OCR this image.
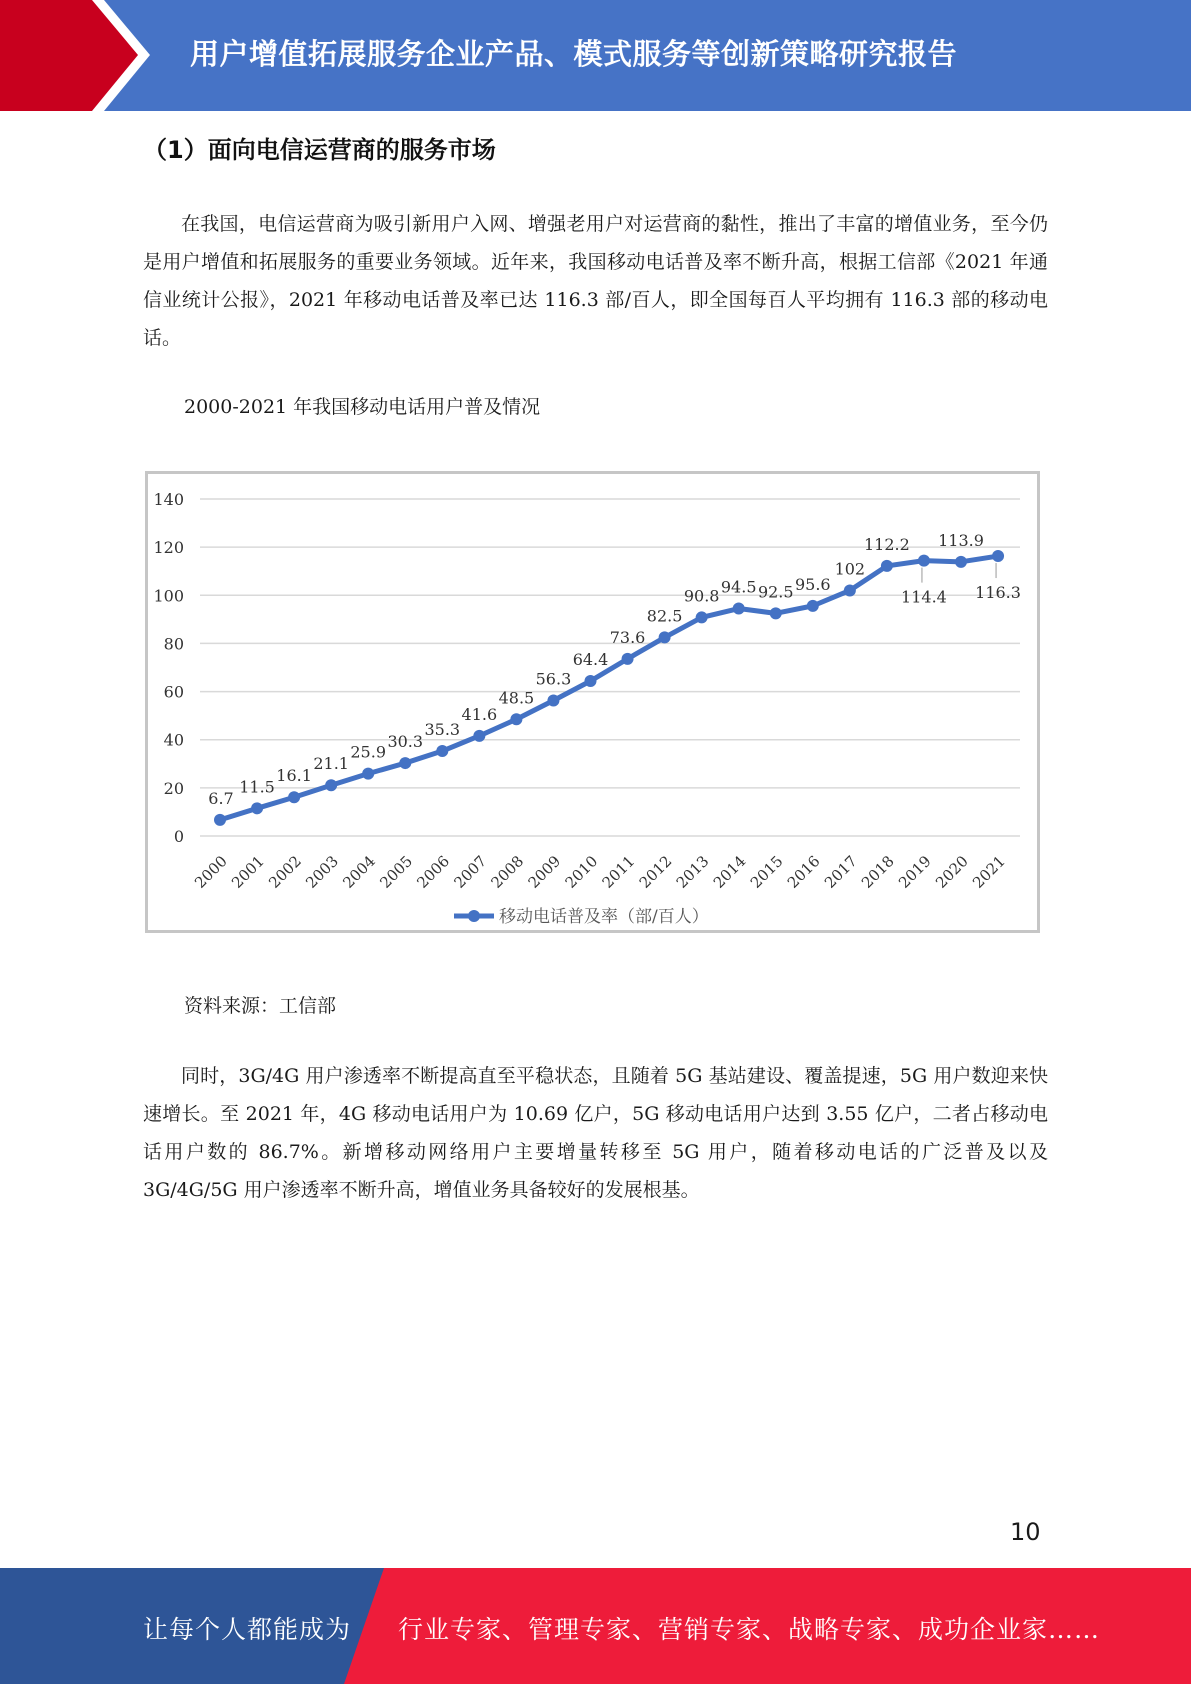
用户增值拓展服务企业产品、模式服务等创新策略研究报告
（1）面向电信运营商的服务市场

在我国，电信运营商为吸引新用户入网、增强老用户对运营商的黏性，推出了丰富的增值业务，至今仍是用户增值和拓展服务的重要业务领域。近年来，我国移动电话普及率不断升高，根据工信部《2021 年通信业统计公报》，2021 年移动电话普及率已达 116.3 部/百人，即全国每百人平均拥有 116.3 部的移动电话。

2000-2021 年我国移动电话用户普及情况
0
20
40
60
80
100
120
140
2000
2001
2002
2003
2004
2005
2006
2007
2008
2009
2010
2011
2012
2013
2014
2015
2016
2017
2018
2019
2020
2021
6.7
11.5
16.1
21.1
25.9
30.3
35.3
41.6
48.5
56.3
64.4
73.6
82.5
90.8 94.5 92.5 95.6
102
112.2
114.4
113.9
116.3
移动电话普及率（部/百人）
资料来源：工信部

同时，3G/4G 用户渗透率不断提高直至平稳状态，且随着 5G 基站建设、覆盖提速，5G 用户数迎来快速增长。至 2021 年，4G 移动电话用户为 10.69 亿户，5G 移动电话用户达到 3.55 亿户，二者占移动电话用户数的 86.7%。新增移动网络用户主要增量转移至 5G 用户，随着移动电话的广泛普及以及 3G/4G/5G 用户渗透率不断升高，增值业务具备较好的发展根基。

10
让每个人都能成为 行业专家、管理专家、营销专家、战略专家、成功企业家……
